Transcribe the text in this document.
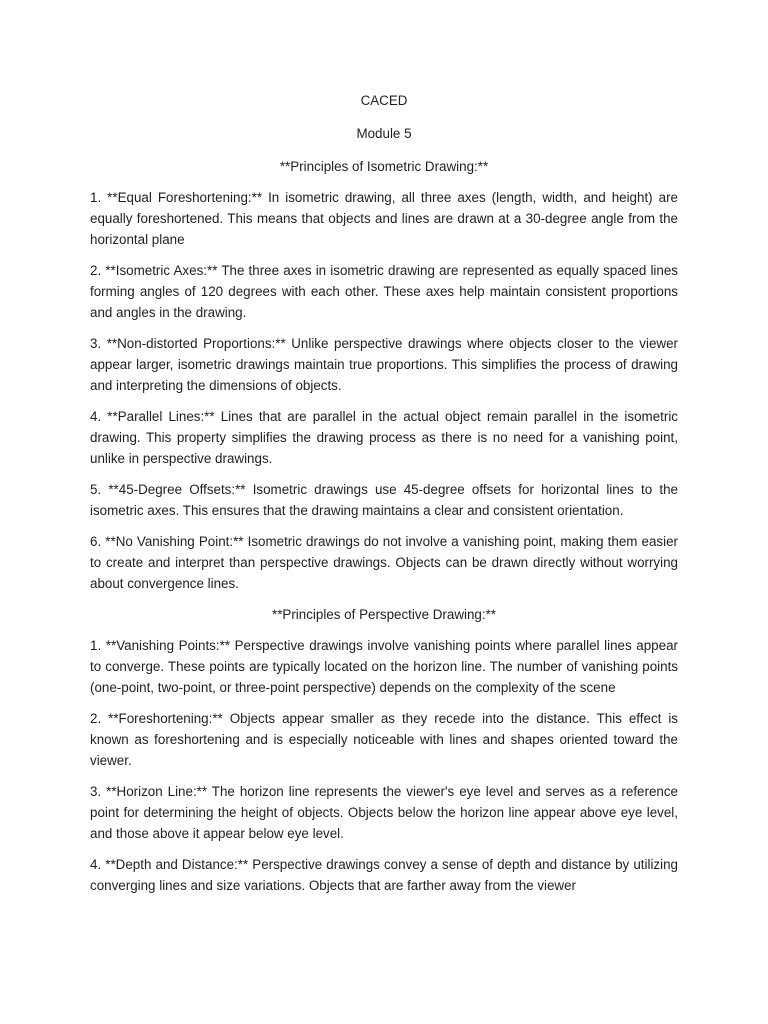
CACED

Module 5

**Principles of Isometric Drawing:**

1. **Equal Foreshortening:** In isometric drawing, all three axes (length, width, and height) are equally foreshortened. This means that objects and lines are drawn at a 30-degree angle from the horizontal plane

2. **Isometric Axes:** The three axes in isometric drawing are represented as equally spaced lines forming angles of 120 degrees with each other. These axes help maintain consistent proportions and angles in the drawing.

3. **Non-distorted Proportions:** Unlike perspective drawings where objects closer to the viewer appear larger, isometric drawings maintain true proportions. This simplifies the process of drawing and interpreting the dimensions of objects.

4. **Parallel Lines:** Lines that are parallel in the actual object remain parallel in the isometric drawing. This property simplifies the drawing process as there is no need for a vanishing point, unlike in perspective drawings.

5. **45-Degree Offsets:** Isometric drawings use 45-degree offsets for horizontal lines to the isometric axes. This ensures that the drawing maintains a clear and consistent orientation.

6. **No Vanishing Point:** Isometric drawings do not involve a vanishing point, making them easier to create and interpret than perspective drawings. Objects can be drawn directly without worrying about convergence lines.

**Principles of Perspective Drawing:**

1. **Vanishing Points:** Perspective drawings involve vanishing points where parallel lines appear to converge. These points are typically located on the horizon line. The number of vanishing points (one-point, two-point, or three-point perspective) depends on the complexity of the scene

2. **Foreshortening:** Objects appear smaller as they recede into the distance. This effect is known as foreshortening and is especially noticeable with lines and shapes oriented toward the viewer.

3. **Horizon Line:** The horizon line represents the viewer's eye level and serves as a reference point for determining the height of objects. Objects below the horizon line appear above eye level, and those above it appear below eye level.

4. **Depth and Distance:** Perspective drawings convey a sense of depth and distance by utilizing converging lines and size variations. Objects that are farther away from the viewer
